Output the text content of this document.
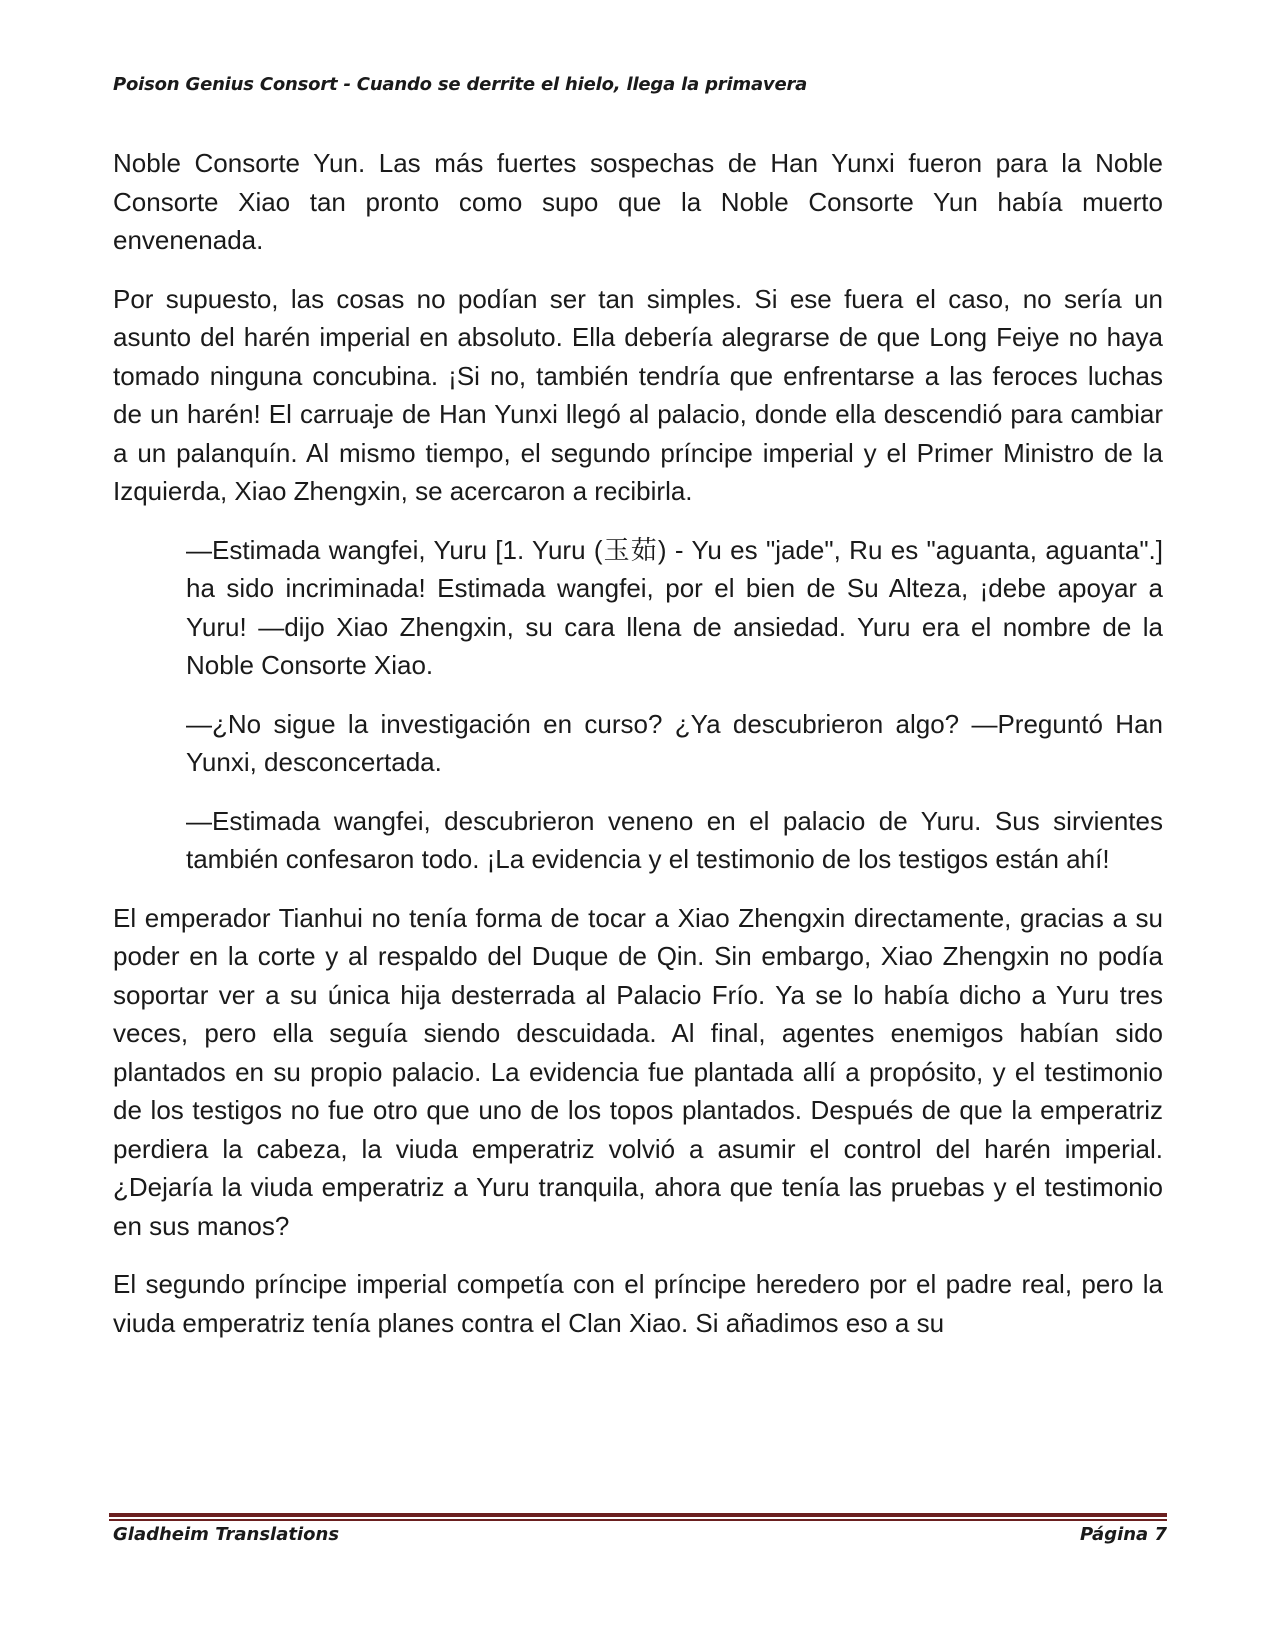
Poison Genius Consort - Cuando se derrite el hielo, llega la primavera

Noble Consorte Yun. Las más fuertes sospechas de Han Yunxi fueron para la Noble Consorte Xiao tan pronto como supo que la Noble Consorte Yun había muerto envenenada.

Por supuesto, las cosas no podían ser tan simples. Si ese fuera el caso, no sería un asunto del harén imperial en absoluto. Ella debería alegrarse de que Long Feiye no haya tomado ninguna concubina. ¡Si no, también tendría que enfrentarse a las feroces luchas de un harén! El carruaje de Han Yunxi llegó al palacio, donde ella descendió para cambiar a un palanquín. Al mismo tiempo, el segundo príncipe imperial y el Primer Ministro de la Izquierda, Xiao Zhengxin, se acercaron a recibirla.

—Estimada wangfei, Yuru [1. Yuru (玉茹) - Yu es "jade", Ru es "aguanta, aguanta".] ha sido incriminada! Estimada wangfei, por el bien de Su Alteza, ¡debe apoyar a Yuru! —dijo Xiao Zhengxin, su cara llena de ansiedad. Yuru era el nombre de la Noble Consorte Xiao.

—¿No sigue la investigación en curso? ¿Ya descubrieron algo? —Preguntó Han Yunxi, desconcertada.

—Estimada wangfei, descubrieron veneno en el palacio de Yuru. Sus sirvientes también confesaron todo. ¡La evidencia y el testimonio de los testigos están ahí!

El emperador Tianhui no tenía forma de tocar a Xiao Zhengxin directamente, gracias a su poder en la corte y al respaldo del Duque de Qin. Sin embargo, Xiao Zhengxin no podía soportar ver a su única hija desterrada al Palacio Frío. Ya se lo había dicho a Yuru tres veces, pero ella seguía siendo descuidada. Al final, agentes enemigos habían sido plantados en su propio palacio. La evidencia fue plantada allí a propósito, y el testimonio de los testigos no fue otro que uno de los topos plantados. Después de que la emperatriz perdiera la cabeza, la viuda emperatriz volvió a asumir el control del harén imperial. ¿Dejaría la viuda emperatriz a Yuru tranquila, ahora que tenía las pruebas y el testimonio en sus manos?

El segundo príncipe imperial competía con el príncipe heredero por el padre real, pero la viuda emperatriz tenía planes contra el Clan Xiao. Si añadimos eso a su

Gladheim Translations	Página 7
